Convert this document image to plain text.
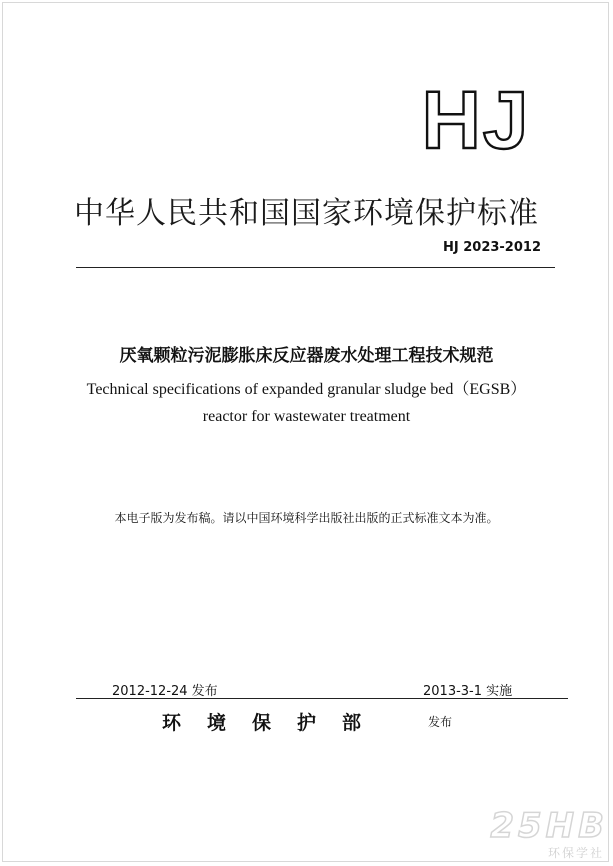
HJ
中华人民共和国国家环境保护标准
HJ 2023-2012
厌氧颗粒污泥膨胀床反应器废水处理工程技术规范
Technical specifications of expanded granular sludge bed（EGSB）
reactor for wastewater treatment
本电子版为发布稿。请以中国环境科学出版社出版的正式标准文本为准。
2012-12-24 发布	2013-3-1 实施
环境保护部	发布
25HB
环保学社
